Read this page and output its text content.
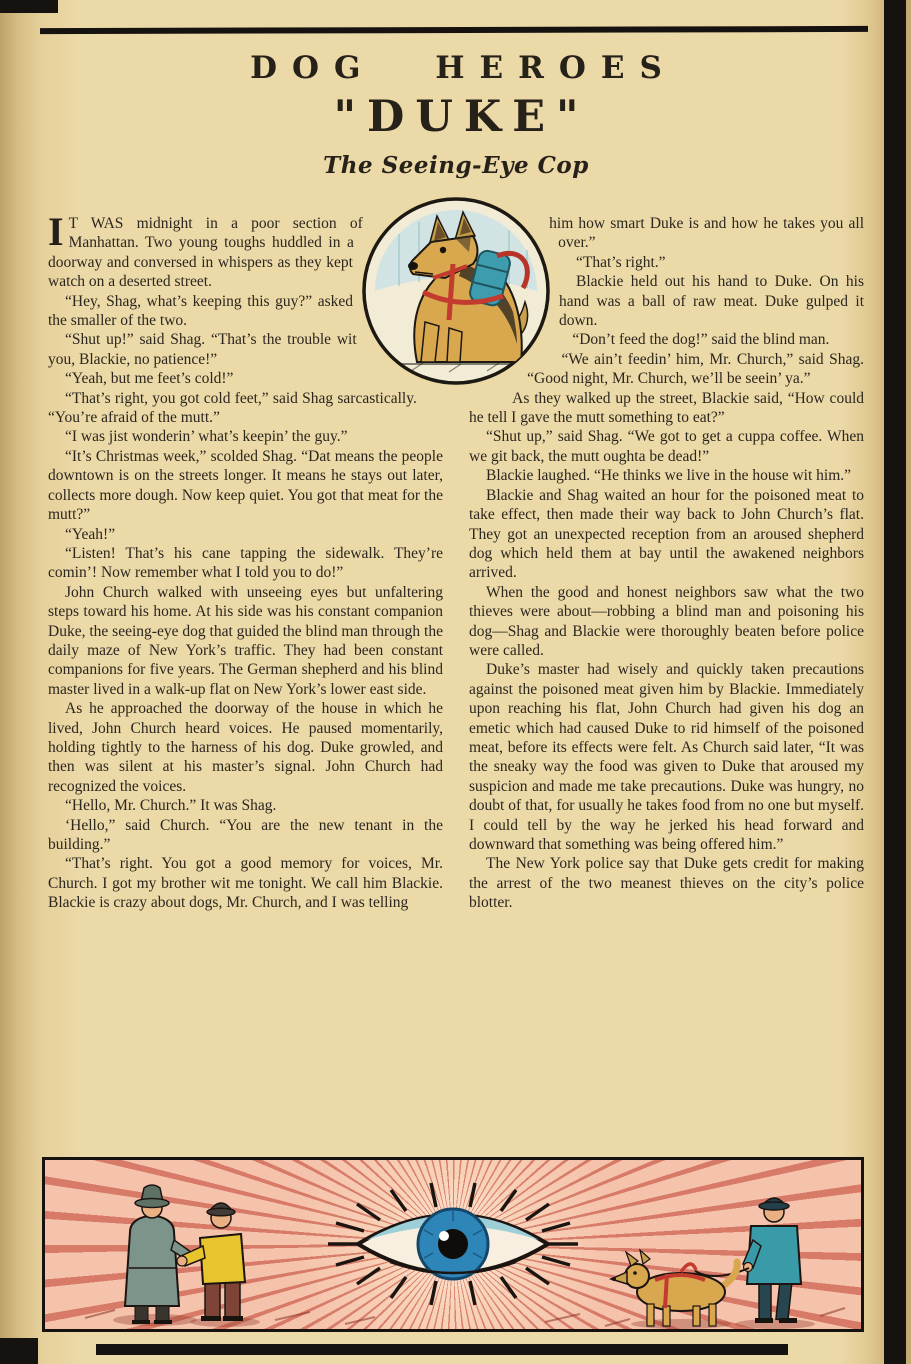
DOG HEROES
"DUKE"
The Seeing-Eye Cop

I T WAS midnight in a poor section of Manhattan. Two young toughs huddled in a doorway and conversed in whispers as they kept watch on a deserted street.

“Hey, Shag, what’s keeping this guy?” asked the smaller of the two.

“Shut up!” said Shag. “That’s the trouble wit you, Blackie, no patience!”

“Yeah, but me feet’s cold!”

“That’s right, you got cold feet,” said Shag sarcastically. “You’re afraid of the mutt.”

“I was jist wonderin’ what’s keepin’ the guy.”

“It’s Christmas week,” scolded Shag. “Dat means the people downtown is on the streets longer. It means he stays out later, collects more dough. Now keep quiet. You got that meat for the mutt?”

“Yeah!”

“Listen! That’s his cane tapping the sidewalk. They’re comin’! Now remember what I told you to do!”

John Church walked with unseeing eyes but unfaltering steps toward his home. At his side was his constant companion Duke, the seeing-eye dog that guided the blind man through the daily maze of New York’s traffic. They had been constant companions for five years. The German shepherd and his blind master lived in a walk-up flat on New York’s lower east side.

As he approached the doorway of the house in which he lived, John Church heard voices. He paused momentarily, holding tightly to the harness of his dog. Duke growled, and then was silent at his master’s signal. John Church had recognized the voices.

“Hello, Mr. Church.” It was Shag.

‘Hello,” said Church. “You are the new tenant in the building.”

“That’s right. You got a good memory for voices, Mr. Church. I got my brother wit me tonight. We call him Blackie. Blackie is crazy about dogs, Mr. Church, and I was telling

him how smart Duke is and how he takes you all over.”

“That’s right.”

Blackie held out his hand to Duke. On his hand was a ball of raw meat. Duke gulped it down.

“Don’t feed the dog!” said the blind man.

“We ain’t feedin’ him, Mr. Church,” said Shag. “Good night, Mr. Church, we’ll be seein’ ya.”

As they walked up the street, Blackie said, “How could he tell I gave the mutt something to eat?”

“Shut up,” said Shag. “We got to get a cuppa coffee. When we git back, the mutt oughta be dead!”

Blackie laughed. “He thinks we live in the house wit him.”

Blackie and Shag waited an hour for the poisoned meat to take effect, then made their way back to John Church’s flat. They got an unexpected reception from an aroused shepherd dog which held them at bay until the awakened neighbors arrived.

When the good and honest neighbors saw what the two thieves were about—robbing a blind man and poisoning his dog—Shag and Blackie were thoroughly beaten before police were called.

Duke’s master had wisely and quickly taken precautions against the poisoned meat given him by Blackie. Immediately upon reaching his flat, John Church had given his dog an emetic which had caused Duke to rid himself of the poisoned meat, before its effects were felt. As Church said later, “It was the sneaky way the food was given to Duke that aroused my suspicion and made me take precautions. Duke was hungry, no doubt of that, for usually he takes food from no one but myself. I could tell by the way he jerked his head forward and downward that something was being offered him.”

The New York police say that Duke gets credit for making the arrest of the two meanest thieves on the city’s police blotter.
